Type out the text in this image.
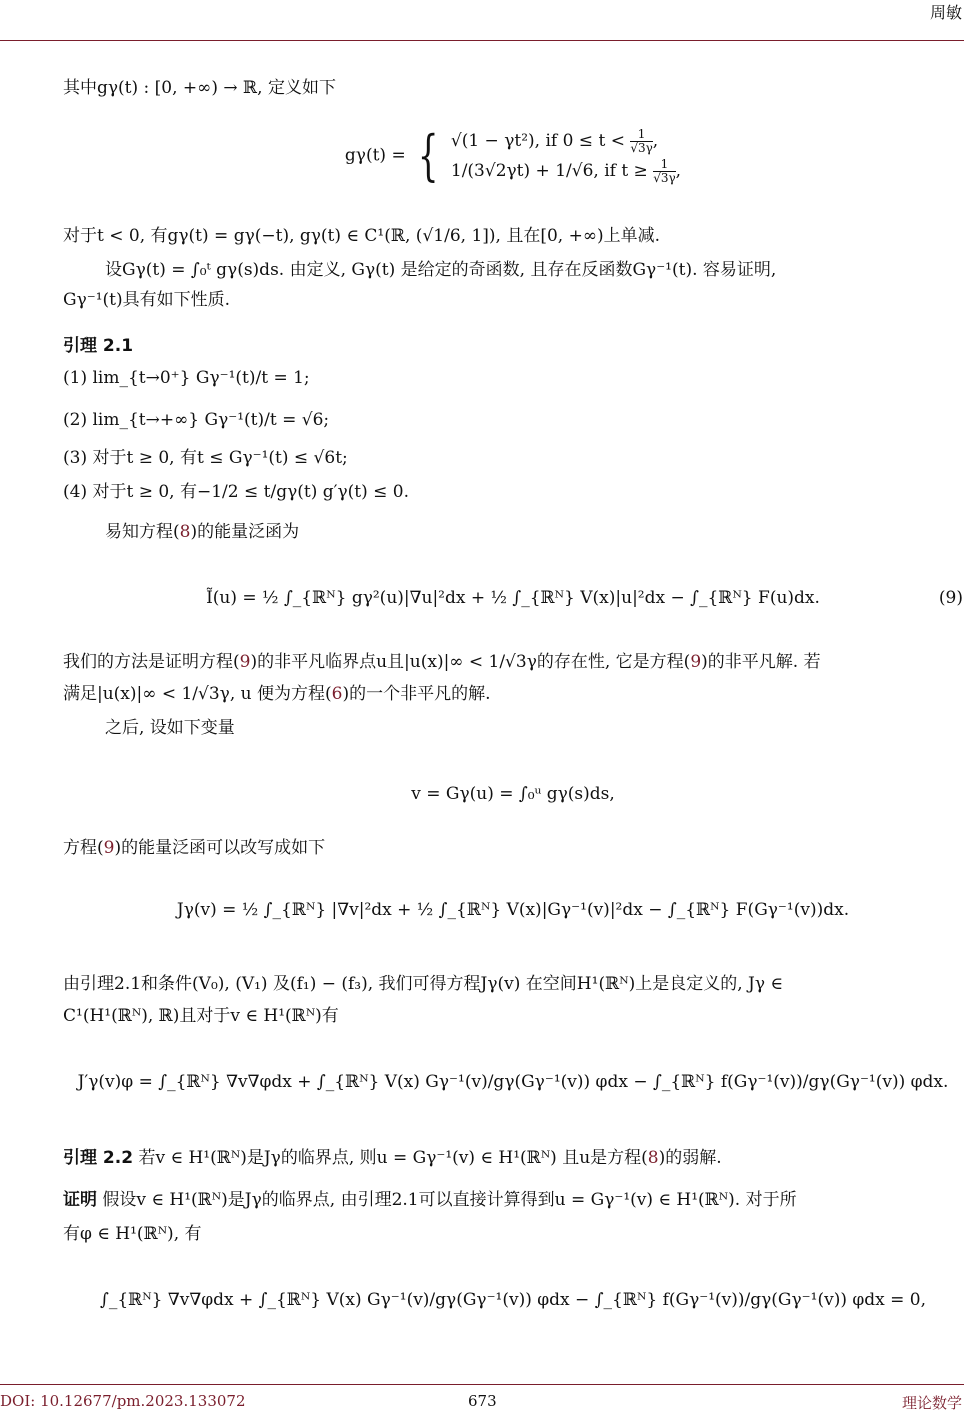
周敏
其中gγ(t) : [0, +∞) → ℝ, 定义如下
gγ(t) = { √(1 − γt²), if $0 \le t < \frac{1}{√3\gamma}$ ,
1/(3√2γt) + 1/√6, if $t \ge \frac{1}{√3\gamma}$ ,
对于t < 0, 有gγ(t) = gγ(−t), gγ(t) ∈ C¹(ℝ, (√1/6, 1]), 且在[0, +∞)上单减.
设Gγ(t) = ∫₀ᵗ gγ(s)ds. 由定义, Gγ(t) 是给定的奇函数, 且存在反函数Gγ⁻¹(t). 容易证明,
Gγ⁻¹(t)具有如下性质.
引理 2.1
(1) lim_{t→0⁺} Gγ⁻¹(t)/t = 1;
(2) lim_{t→+∞} Gγ⁻¹(t)/t = √6;
(3) 对于t ≥ 0, 有t ≤ Gγ⁻¹(t) ≤ √6t;
(4) 对于t ≥ 0, 有−1/2 ≤ t/gγ(t) g′γ(t) ≤ 0.
易知方程(8)的能量泛函为
Ĩ(u) = ½ ∫_{ℝᴺ} gγ²(u)|∇u|²dx + ½ ∫_{ℝᴺ} V(x)|u|²dx − ∫_{ℝᴺ} F(u)dx.	(9)
我们的方法是证明方程(9)的非平凡临界点u且|u(x)|∞ < 1/√3γ的存在性, 它是方程(9)的非平凡解. 若
满足|u(x)|∞ < 1/√3γ, u 便为方程(6)的一个非平凡的解.
之后, 设如下变量
v = Gγ(u) = ∫₀ᵘ gγ(s)ds,
方程(9)的能量泛函可以改写成如下
Jγ(v) = ½ ∫_{ℝᴺ} |∇v|²dx + ½ ∫_{ℝᴺ} V(x)|Gγ⁻¹(v)|²dx − ∫_{ℝᴺ} F(Gγ⁻¹(v))dx.
由引理2.1和条件(V₀), (V₁) 及(f₁) − (f₃), 我们可得方程Jγ(v) 在空间H¹(ℝᴺ)上是良定义的, Jγ ∈
C¹(H¹(ℝᴺ), ℝ)且对于v ∈ H¹(ℝᴺ)有
J′γ(v)φ = ∫_{ℝᴺ} ∇v∇φdx + ∫_{ℝᴺ} V(x) Gγ⁻¹(v)/gγ(Gγ⁻¹(v)) φdx − ∫_{ℝᴺ} f(Gγ⁻¹(v))/gγ(Gγ⁻¹(v)) φdx.
引理 2.2 若v ∈ H¹(ℝᴺ)是Jγ的临界点, 则u = Gγ⁻¹(v) ∈ H¹(ℝᴺ) 且u是方程(8)的弱解.
证明 假设v ∈ H¹(ℝᴺ)是Jγ的临界点, 由引理2.1可以直接计算得到u = Gγ⁻¹(v) ∈ H¹(ℝᴺ). 对于所
有φ ∈ H¹(ℝᴺ), 有
∫_{ℝᴺ} ∇v∇φdx + ∫_{ℝᴺ} V(x) Gγ⁻¹(v)/gγ(Gγ⁻¹(v)) φdx − ∫_{ℝᴺ} f(Gγ⁻¹(v))/gγ(Gγ⁻¹(v)) φdx = 0,
DOI: 10.12677/pm.2023.133072	673	理论数学
